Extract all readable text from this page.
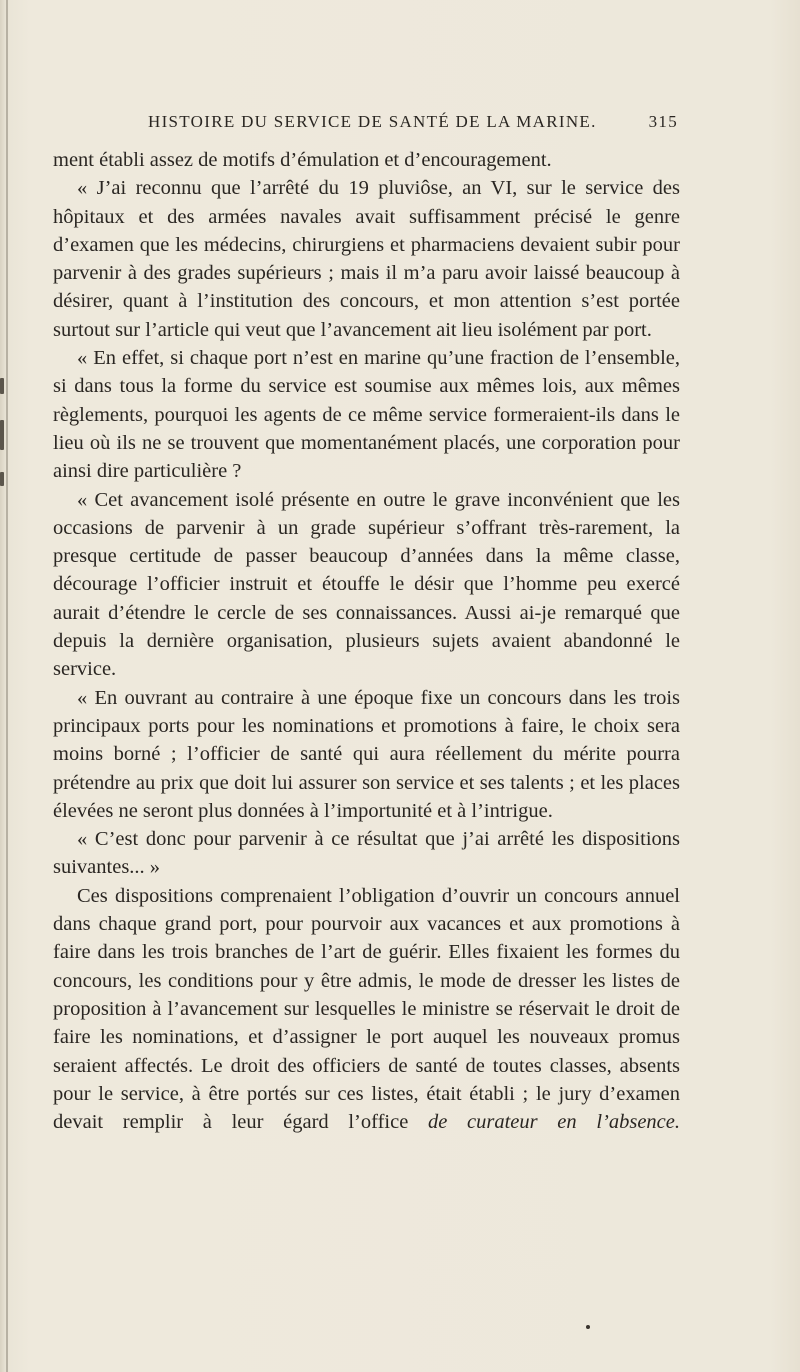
HISTOIRE DU SERVICE DE SANTÉ DE LA MARINE.	315

ment établi assez de motifs d’émulation et d’encouragement.

« J’ai reconnu que l’arrêté du 19 pluviôse, an VI, sur le service des hôpitaux et des armées navales avait suffisamment précisé le genre d’examen que les médecins, chirurgiens et pharmaciens devaient subir pour parvenir à des grades supérieurs ; mais il m’a paru avoir laissé beaucoup à désirer, quant à l’institution des concours, et mon attention s’est portée surtout sur l’article qui veut que l’avancement ait lieu isolément par port.

« En effet, si chaque port n’est en marine qu’une fraction de l’ensemble, si dans tous la forme du service est soumise aux mêmes lois, aux mêmes règlements, pourquoi les agents de ce même service formeraient-ils dans le lieu où ils ne se trouvent que momentanément placés, une corporation pour ainsi dire particulière ?

« Cet avancement isolé présente en outre le grave inconvénient que les occasions de parvenir à un grade supérieur s’offrant très-rarement, la presque certitude de passer beaucoup d’années dans la même classe, décourage l’officier instruit et étouffe le désir que l’homme peu exercé aurait d’étendre le cercle de ses connaissances. Aussi ai-je remarqué que depuis la dernière organisation, plusieurs sujets avaient abandonné le service.

« En ouvrant au contraire à une époque fixe un concours dans les trois principaux ports pour les nominations et promotions à faire, le choix sera moins borné ; l’officier de santé qui aura réellement du mérite pourra prétendre au prix que doit lui assurer son service et ses talents ; et les places élevées ne seront plus données à l’importunité et à l’intrigue.

« C’est donc pour parvenir à ce résultat que j’ai arrêté les dispositions suivantes... »

Ces dispositions comprenaient l’obligation d’ouvrir un concours annuel dans chaque grand port, pour pourvoir aux vacances et aux promotions à faire dans les trois branches de l’art de guérir. Elles fixaient les formes du concours, les conditions pour y être admis, le mode de dresser les listes de proposition à l’avancement sur lesquelles le ministre se réservait le droit de faire les nominations, et d’assigner le port auquel les nouveaux promus seraient affectés. Le droit des officiers de santé de toutes classes, absents pour le service, à être portés sur ces listes, était établi ; le jury d’examen devait remplir à leur égard l’office de curateur en l’absence.
